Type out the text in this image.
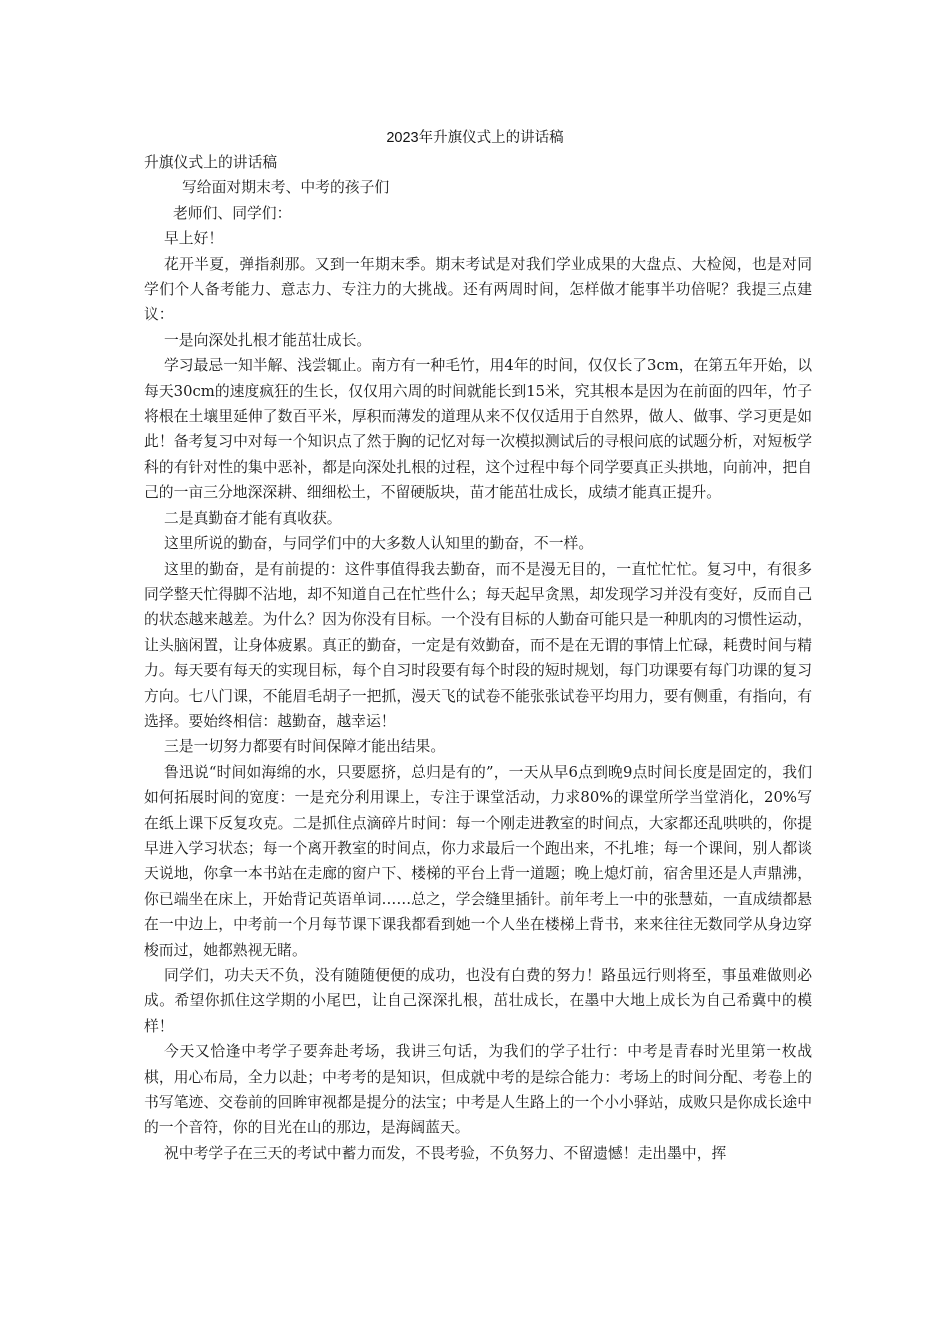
2023年升旗仪式上的讲话稿

升旗仪式上的讲话稿

写给面对期末考、中考的孩子们

老师们、同学们：

早上好！

花开半夏，弹指刹那。又到一年期末季。期末考试是对我们学业成果的大盘点、大检阅，也是对同学们个人备考能力、意志力、专注力的大挑战。还有两周时间，怎样做才能事半功倍呢？我提三点建议：

一是向深处扎根才能茁壮成长。

学习最忌一知半解、浅尝辄止。南方有一种毛竹，用4年的时间，仅仅长了3cm，在第五年开始，以每天30cm的速度疯狂的生长，仅仅用六周的时间就能长到15米，究其根本是因为在前面的四年，竹子将根在土壤里延伸了数百平米，厚积而薄发的道理从来不仅仅适用于自然界，做人、做事、学习更是如此！备考复习中对每一个知识点了然于胸的记忆对每一次模拟测试后的寻根问底的试题分析，对短板学科的有针对性的集中恶补，都是向深处扎根的过程，这个过程中每个同学要真正头拱地，向前冲，把自己的一亩三分地深深耕、细细松土，不留硬版块，苗才能茁壮成长，成绩才能真正提升。

二是真勤奋才能有真收获。

这里所说的勤奋，与同学们中的大多数人认知里的勤奋，不一样。

这里的勤奋，是有前提的：这件事值得我去勤奋，而不是漫无目的，一直忙忙忙。复习中，有很多同学整天忙得脚不沾地，却不知道自己在忙些什么；每天起早贪黑，却发现学习并没有变好，反而自己的状态越来越差。为什么？因为你没有目标。一个没有目标的人勤奋可能只是一种肌肉的习惯性运动，让头脑闲置，让身体疲累。真正的勤奋，一定是有效勤奋，而不是在无谓的事情上忙碌，耗费时间与精力。每天要有每天的实现目标，每个自习时段要有每个时段的短时规划，每门功课要有每门功课的复习方向。七八门课，不能眉毛胡子一把抓，漫天飞的试卷不能张张试卷平均用力，要有侧重，有指向，有选择。要始终相信：越勤奋，越幸运！

三是一切努力都要有时间保障才能出结果。

鲁迅说“时间如海绵的水，只要愿挤，总归是有的”，一天从早6点到晚9点时间长度是固定的，我们如何拓展时间的宽度：一是充分利用课上，专注于课堂活动，力求80%的课堂所学当堂消化，20%写在纸上课下反复攻克。二是抓住点滴碎片时间：每一个刚走进教室的时间点，大家都还乱哄哄的，你提早进入学习状态；每一个离开教室的时间点，你力求最后一个跑出来，不扎堆；每一个课间，别人都谈天说地，你拿一本书站在走廊的窗户下、楼梯的平台上背一道题；晚上熄灯前，宿舍里还是人声鼎沸，你已端坐在床上，开始背记英语单词……总之，学会缝里插针。前年考上一中的张慧茹，一直成绩都悬在一中边上，中考前一个月每节课下课我都看到她一个人坐在楼梯上背书，来来往往无数同学从身边穿梭而过，她都熟视无睹。

同学们，功夫天不负，没有随随便便的成功，也没有白费的努力！路虽远行则将至，事虽难做则必成。希望你抓住这学期的小尾巴，让自己深深扎根，茁壮成长，在墨中大地上成长为自己希冀中的模样！

今天又恰逢中考学子要奔赴考场，我讲三句话，为我们的学子壮行：中考是青春时光里第一枚战棋，用心布局，全力以赴；中考考的是知识，但成就中考的是综合能力：考场上的时间分配、考卷上的书写笔迹、交卷前的回眸审视都是提分的法宝；中考是人生路上的一个小小驿站，成败只是你成长途中的一个音符，你的目光在山的那边，是海阔蓝天。

祝中考学子在三天的考试中蓄力而发，不畏考验，不负努力、不留遗憾！走出墨中，挥
